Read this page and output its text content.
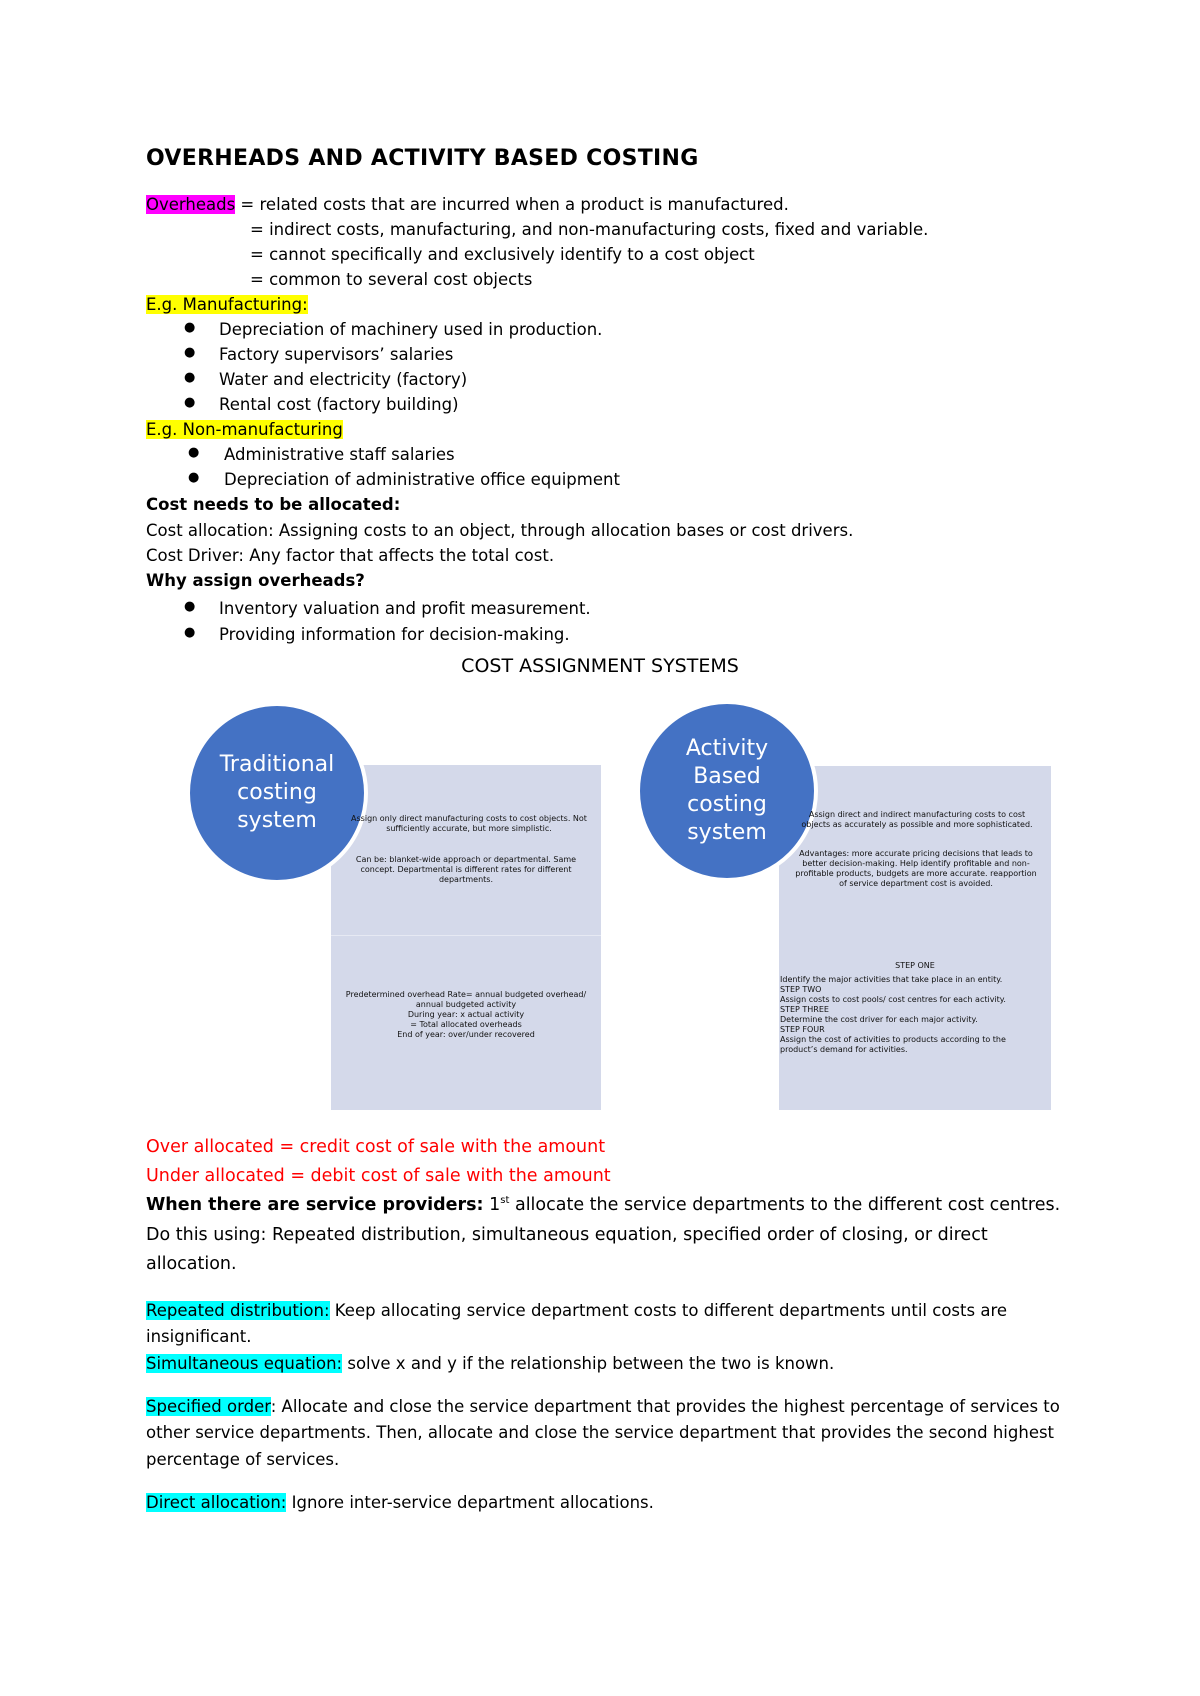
OVERHEADS AND ACTIVITY BASED COSTING
Overheads = related costs that are incurred when a product is manufactured.
= indirect costs, manufacturing, and non-manufacturing costs, fixed and variable.
= cannot specifically and exclusively identify to a cost object
= common to several cost objects
E.g. Manufacturing:
● Depreciation of machinery used in production.
● Factory supervisors’ salaries
● Water and electricity (factory)
● Rental cost (factory building)
E.g. Non-manufacturing
● Administrative staff salaries
● Depreciation of administrative office equipment
Cost needs to be allocated:
Cost allocation: Assigning costs to an object, through allocation bases or cost drivers.
Cost Driver: Any factor that affects the total cost.
Why assign overheads?
● Inventory valuation and profit measurement.
● Providing information for decision-making.
COST ASSIGNMENT SYSTEMS
Traditional costing system	Assign only direct manufacturing costs to cost objects. Not
sufficiently accurate, but more simplistic.
Can be: blanket-wide approach or departmental. Same
concept. Departmental is different rates for different
departments.
Predetermined overhead Rate= annual budgeted overhead/
annual budgeted activity
During year: x actual activity
= Total allocated overheads
End of year: over/under recovered
Activity Based costing system
Assign direct and indirect manufacturing costs to cost
objects as accurately as possible and more sophisticated.
Advantages: more accurate pricing decisions that leads to
better decision-making. Help identify profitable and non-
profitable products, budgets are more accurate. reapportion
of service department cost is avoided.
STEP ONE
Identify the major activities that take place in an entity.
STEP TWO
Assign costs to cost pools/ cost centres for each activity.
STEP THREE
Determine the cost driver for each major activity.
STEP FOUR
Assign the cost of activities to products according to the
product’s demand for activities.
Over allocated = credit cost of sale with the amount
Under allocated = debit cost of sale with the amount
When there are service providers: 1st allocate the service departments to the different cost centres.
Do this using: Repeated distribution, simultaneous equation, specified order of closing, or direct
allocation.
Repeated distribution: Keep allocating service department costs to different departments until costs are
insignificant.
Simultaneous equation: solve x and y if the relationship between the two is known.
Specified order: Allocate and close the service department that provides the highest percentage of services to
other service departments. Then, allocate and close the service department that provides the second highest
percentage of services.
Direct allocation: Ignore inter-service department allocations.
